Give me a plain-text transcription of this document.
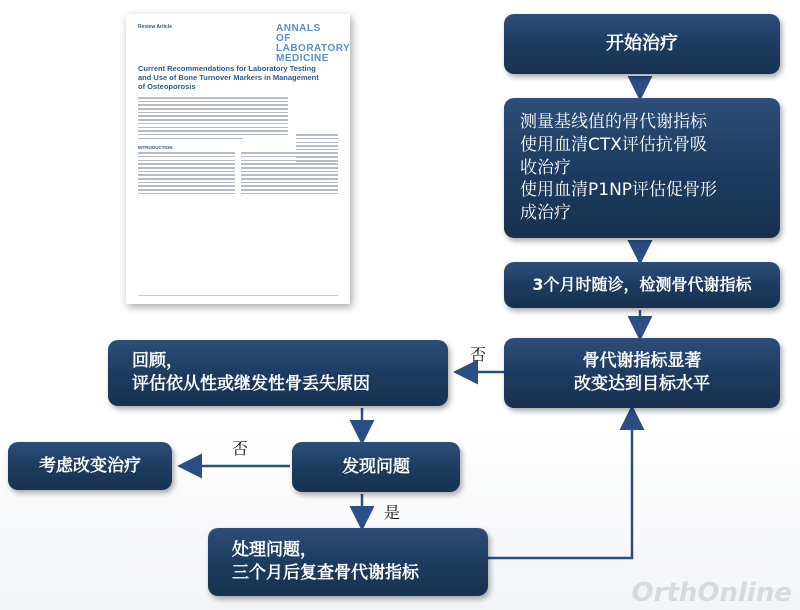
Review Article	ANNALS OF
LABORATORY
MEDICINE
Current Recommendations for Laboratory Testing and Use of Bone Turnover Markers in Management of Osteoporosis
INTRODUCTION
开始治疗
测量基线值的骨代谢指标
使用血清CTX评估抗骨吸
收治疗
使用血清P1NP评估促骨形
成治疗
3个月时随诊，检测骨代谢指标
骨代谢指标显著
改变达到目标水平
回顾，
评估依从性或继发性骨丢失原因
发现问题
考虑改变治疗
处理问题，
三个月后复查骨代谢指标
否
否
是
OrthOnline
